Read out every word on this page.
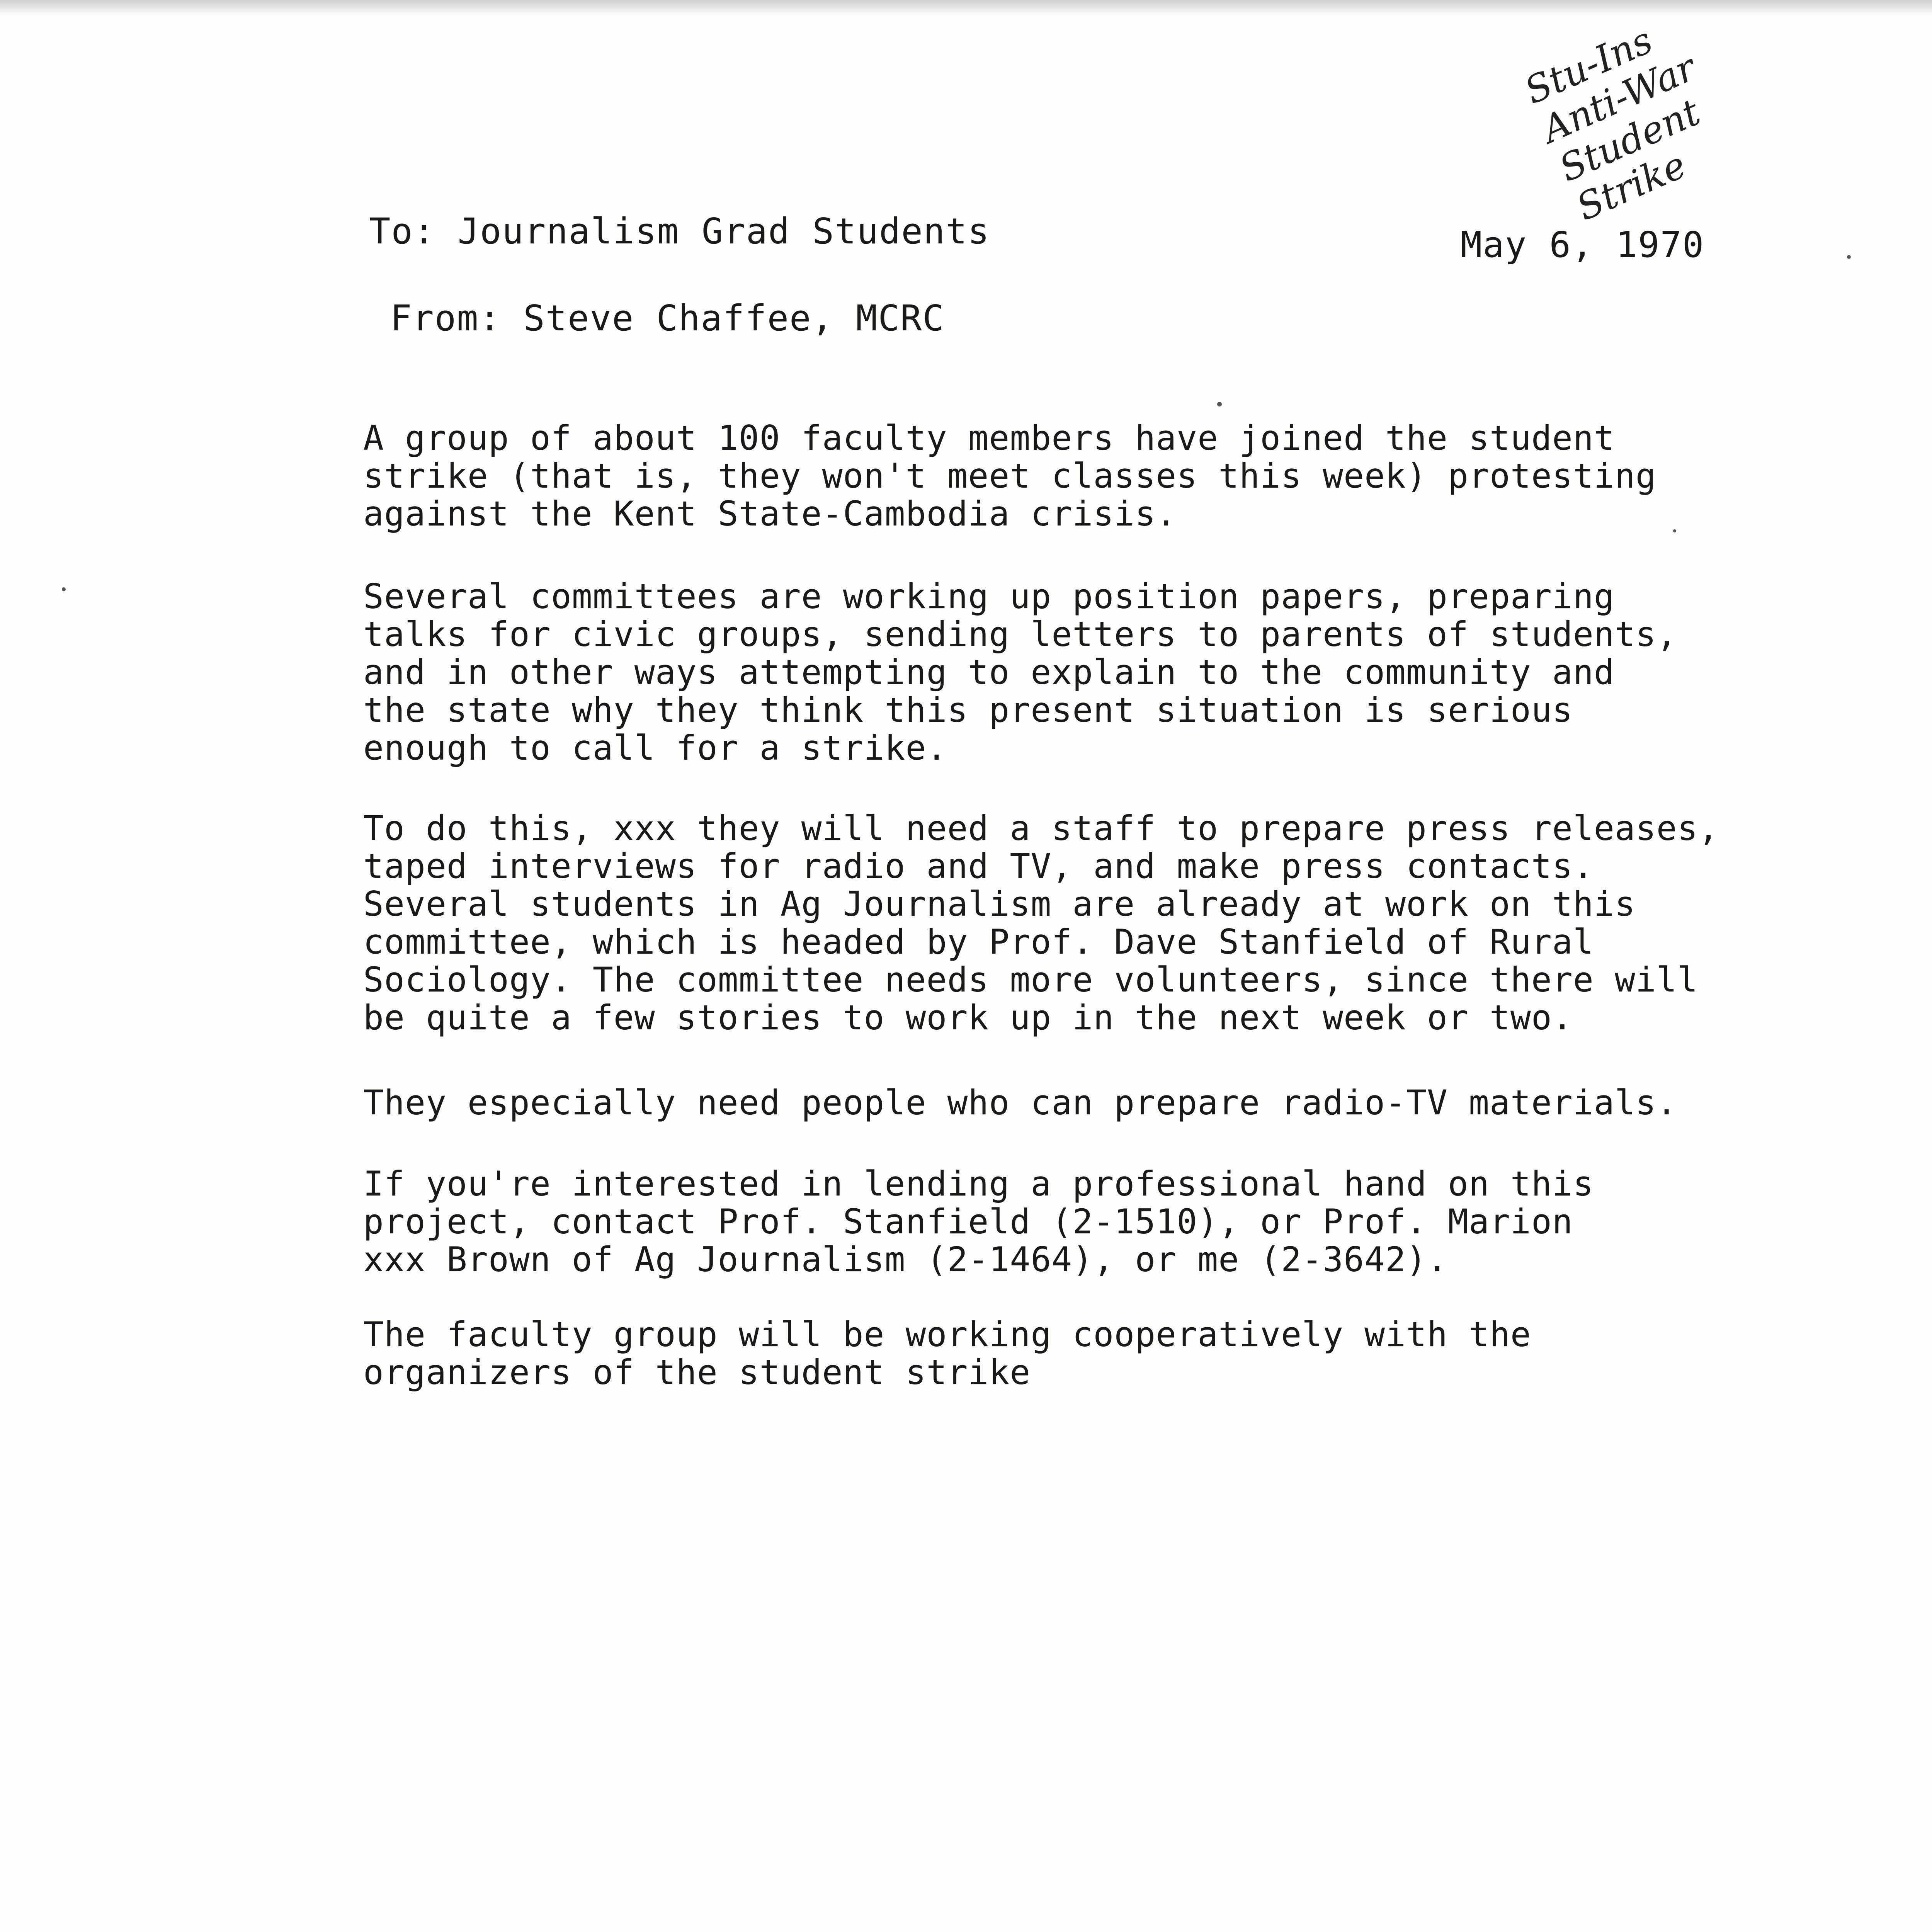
Stu-Ins
Anti-War
Student
Strike
To: Journalism Grad Students	May 6, 1970
From: Steve Chaffee, MCRC
A group of about 100 faculty members have joined the student
strike (that is, they won't meet classes this week) protesting
against the Kent State-Cambodia crisis.
Several committees are working up position papers, preparing
talks for civic groups, sending letters to parents of students,
and in other ways attempting to explain to the community and
the state why they think this present situation is serious
enough to call for a strike.
To do this, xxx they will need a staff to prepare press releases,
taped interviews for radio and TV, and make press contacts.
Several students in Ag Journalism are already at work on this
committee, which is headed by Prof. Dave Stanfield of Rural
Sociology. The committee needs more volunteers, since there will
be quite a few stories to work up in the next week or two.
They especially need people who can prepare radio-TV materials.
If you're interested in lending a professional hand on this
project, contact Prof. Stanfield (2-1510), or Prof. Marion
xxx Brown of Ag Journalism (2-1464), or me (2-3642).
The faculty group will be working cooperatively with the
organizers of the student strike
